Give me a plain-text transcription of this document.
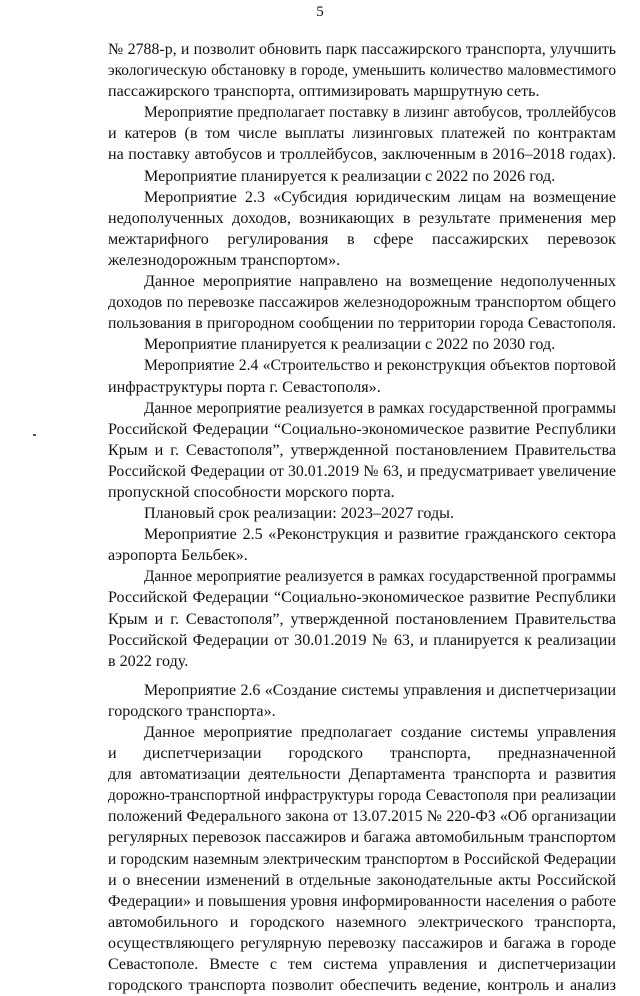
5
№ 2788-р, и позволит обновить парк пассажирского транспорта, улучшить
экологическую обстановку в городе, уменьшить количество маловместимого
пассажирского транспорта, оптимизировать маршрутную сеть.
Мероприятие предполагает поставку в лизинг автобусов, троллейбусов
и катеров (в том числе выплаты лизинговых платежей по контрактам
на поставку автобусов и троллейбусов, заключенным в 2016–2018 годах).
Мероприятие планируется к реализации с 2022 по 2026 год.
Мероприятие 2.3 «Субсидия юридическим лицам на возмещение
недополученных доходов, возникающих в результате применения мер
межтарифного регулирования в сфере пассажирских перевозок
железнодорожным транспортом».
Данное мероприятие направлено на возмещение недополученных
доходов по перевозке пассажиров железнодорожным транспортом общего
пользования в пригородном сообщении по территории города Севастополя.
Мероприятие планируется к реализации с 2022 по 2030 год.
Мероприятие 2.4 «Строительство и реконструкция объектов портовой
инфраструктуры порта г. Севастополя».
Данное мероприятие реализуется в рамках государственной программы
Российской Федерации “Социально-экономическое развитие Республики
Крым и г. Севастополя”, утвержденной постановлением Правительства
Российской Федерации от 30.01.2019 № 63, и предусматривает увеличение
пропускной способности морского порта.
Плановый срок реализации: 2023–2027 годы.
Мероприятие 2.5 «Реконструкция и развитие гражданского сектора
аэропорта Бельбек».
Данное мероприятие реализуется в рамках государственной программы
Российской Федерации “Социально-экономическое развитие Республики
Крым и г. Севастополя”, утвержденной постановлением Правительства
Российской Федерации от 30.01.2019 № 63, и планируется к реализации
в 2022 году.
Мероприятие 2.6 «Создание системы управления и диспетчеризации
городского транспорта».
Данное мероприятие предполагает создание системы управления
и диспетчеризации городского транспорта, предназначенной
для автоматизации деятельности Департамента транспорта и развития
дорожно-транспортной инфраструктуры города Севастополя при реализации
положений Федерального закона от 13.07.2015 № 220-ФЗ «Об организации
регулярных перевозок пассажиров и багажа автомобильным транспортом
и городским наземным электрическим транспортом в Российской Федерации
и о внесении изменений в отдельные законодательные акты Российской
Федерации» и повышения уровня информированности населения о работе
автомобильного и городского наземного электрического транспорта,
осуществляющего регулярную перевозку пассажиров и багажа в городе
Севастополе. Вместе с тем система управления и диспетчеризации
городского транспорта позволит обеспечить ведение, контроль и анализ
